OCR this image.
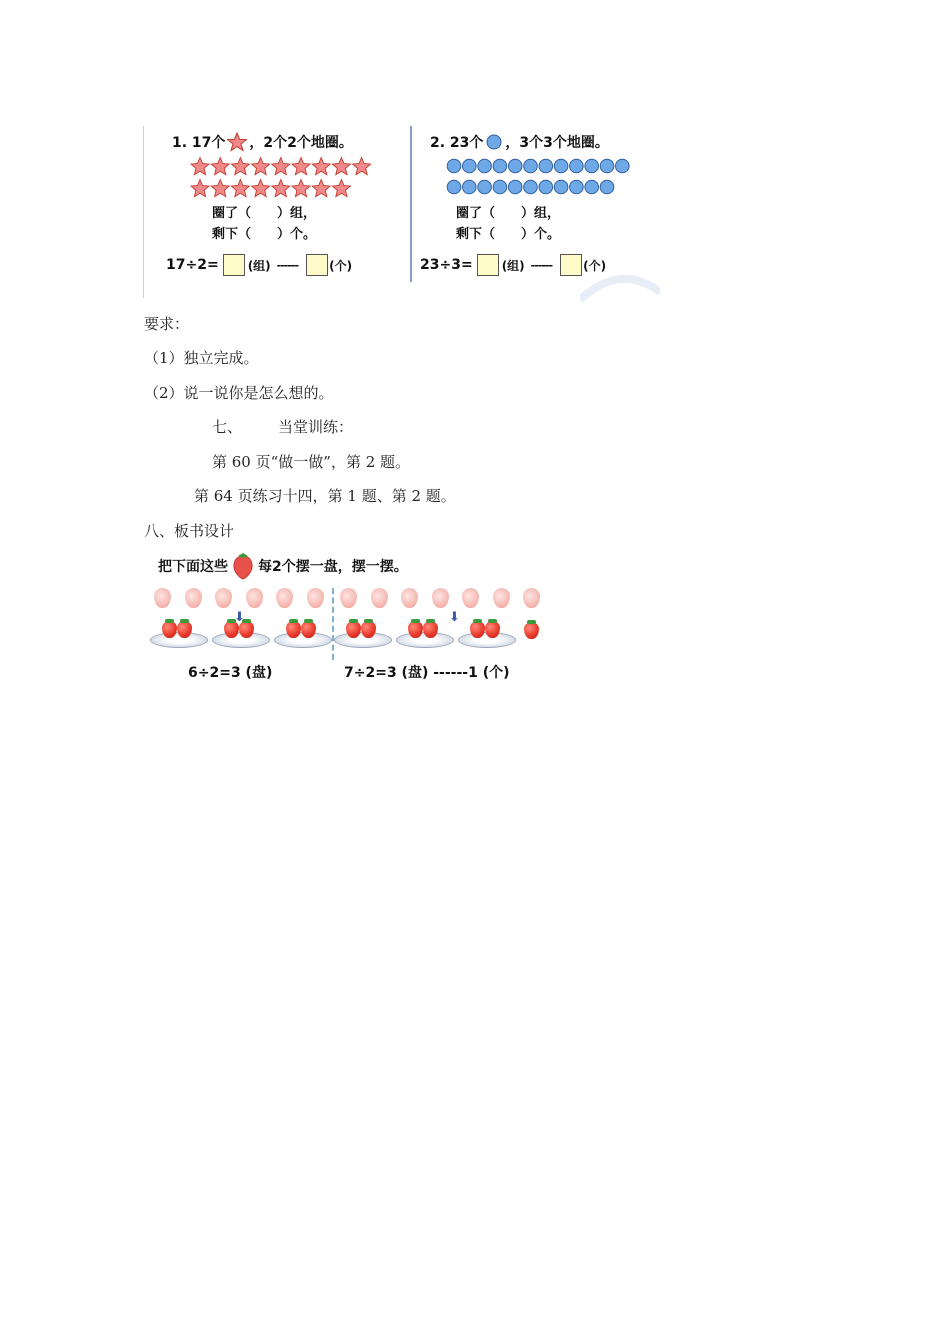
1. 17个 ，2个2个地圈。
圈了（　　）组，
剩下（　　）个。
17÷2= (组) ------	(个)
2. 23个 ，3个3个地圈。
圈了（　　）组，
剩下（　　）个。
23÷3= (组) ------	(个)
要求：
（1）独立完成。
（2）说一说你是怎么想的。
七、 当堂训练：
第 60 页“做一做”，第 2 题。
第 64 页练习十四，第 1 题、第 2 题。
八、板书设计
把下面这些 每2个摆一盘，摆一摆。
⬇	⬇
6÷2=3 (盘)	7÷2=3 (盘) ------1 (个)
